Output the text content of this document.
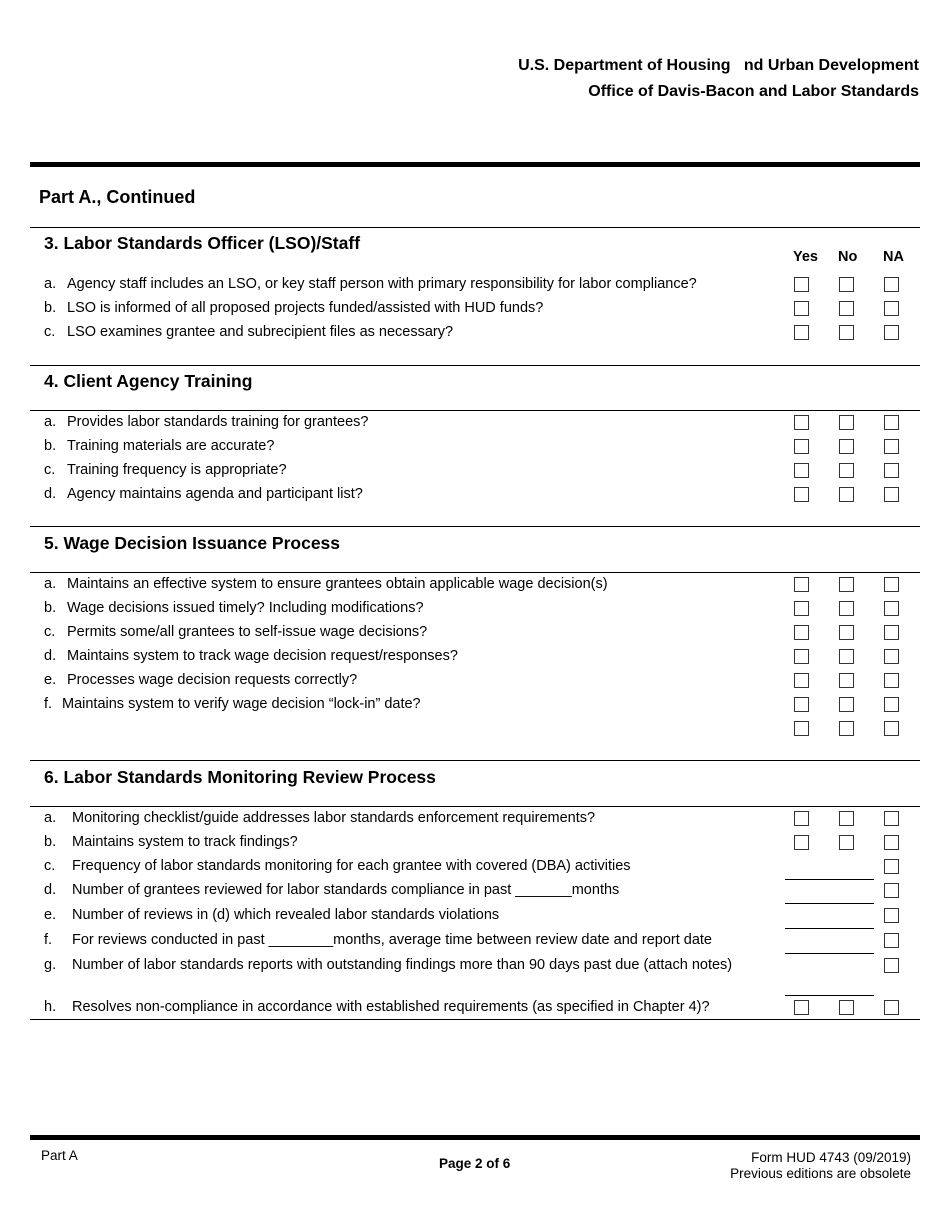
U.S. Department of Housing   nd Urban Development
Office of Davis-Bacon and Labor Standards
Part A., Continued
3. Labor Standards Officer (LSO)/Staff
Yes No NA
a. Agency staff includes an LSO, or key staff person with primary responsibility for labor compliance?
b. LSO is informed of all proposed projects funded/assisted with HUD funds?
c. LSO examines grantee and subrecipient files as necessary?
4. Client Agency Training
a. Provides labor standards training for grantees?
b. Training materials are accurate?
c. Training frequency is appropriate?
d. Agency maintains agenda and participant list?
5. Wage Decision Issuance Process
a. Maintains an effective system to ensure grantees obtain applicable wage decision(s)
b. Wage decisions issued timely? Including modifications?
c. Permits some/all grantees to self-issue wage decisions?
d. Maintains system to track wage decision request/responses?
e. Processes wage decision requests correctly?
f. Maintains system to verify wage decision “lock-in” date?
6. Labor Standards Monitoring Review Process
a. Monitoring checklist/guide addresses labor standards enforcement requirements?
b. Maintains system to track findings?
c. Frequency of labor standards monitoring for each grantee with covered (DBA) activities
d. Number of grantees reviewed for labor standards compliance in past _______months
e. Number of reviews in (d) which revealed labor standards violations
f. For reviews conducted in past ________months, average time between review date and report date
g. Number of labor standards reports with outstanding findings more than 90 days past due (attach notes)
h. Resolves non-compliance in accordance with established requirements (as specified in Chapter 4)?
Part A
Page 2 of 6	Form HUD 4743 (09/2019)
Previous editions are obsolete
